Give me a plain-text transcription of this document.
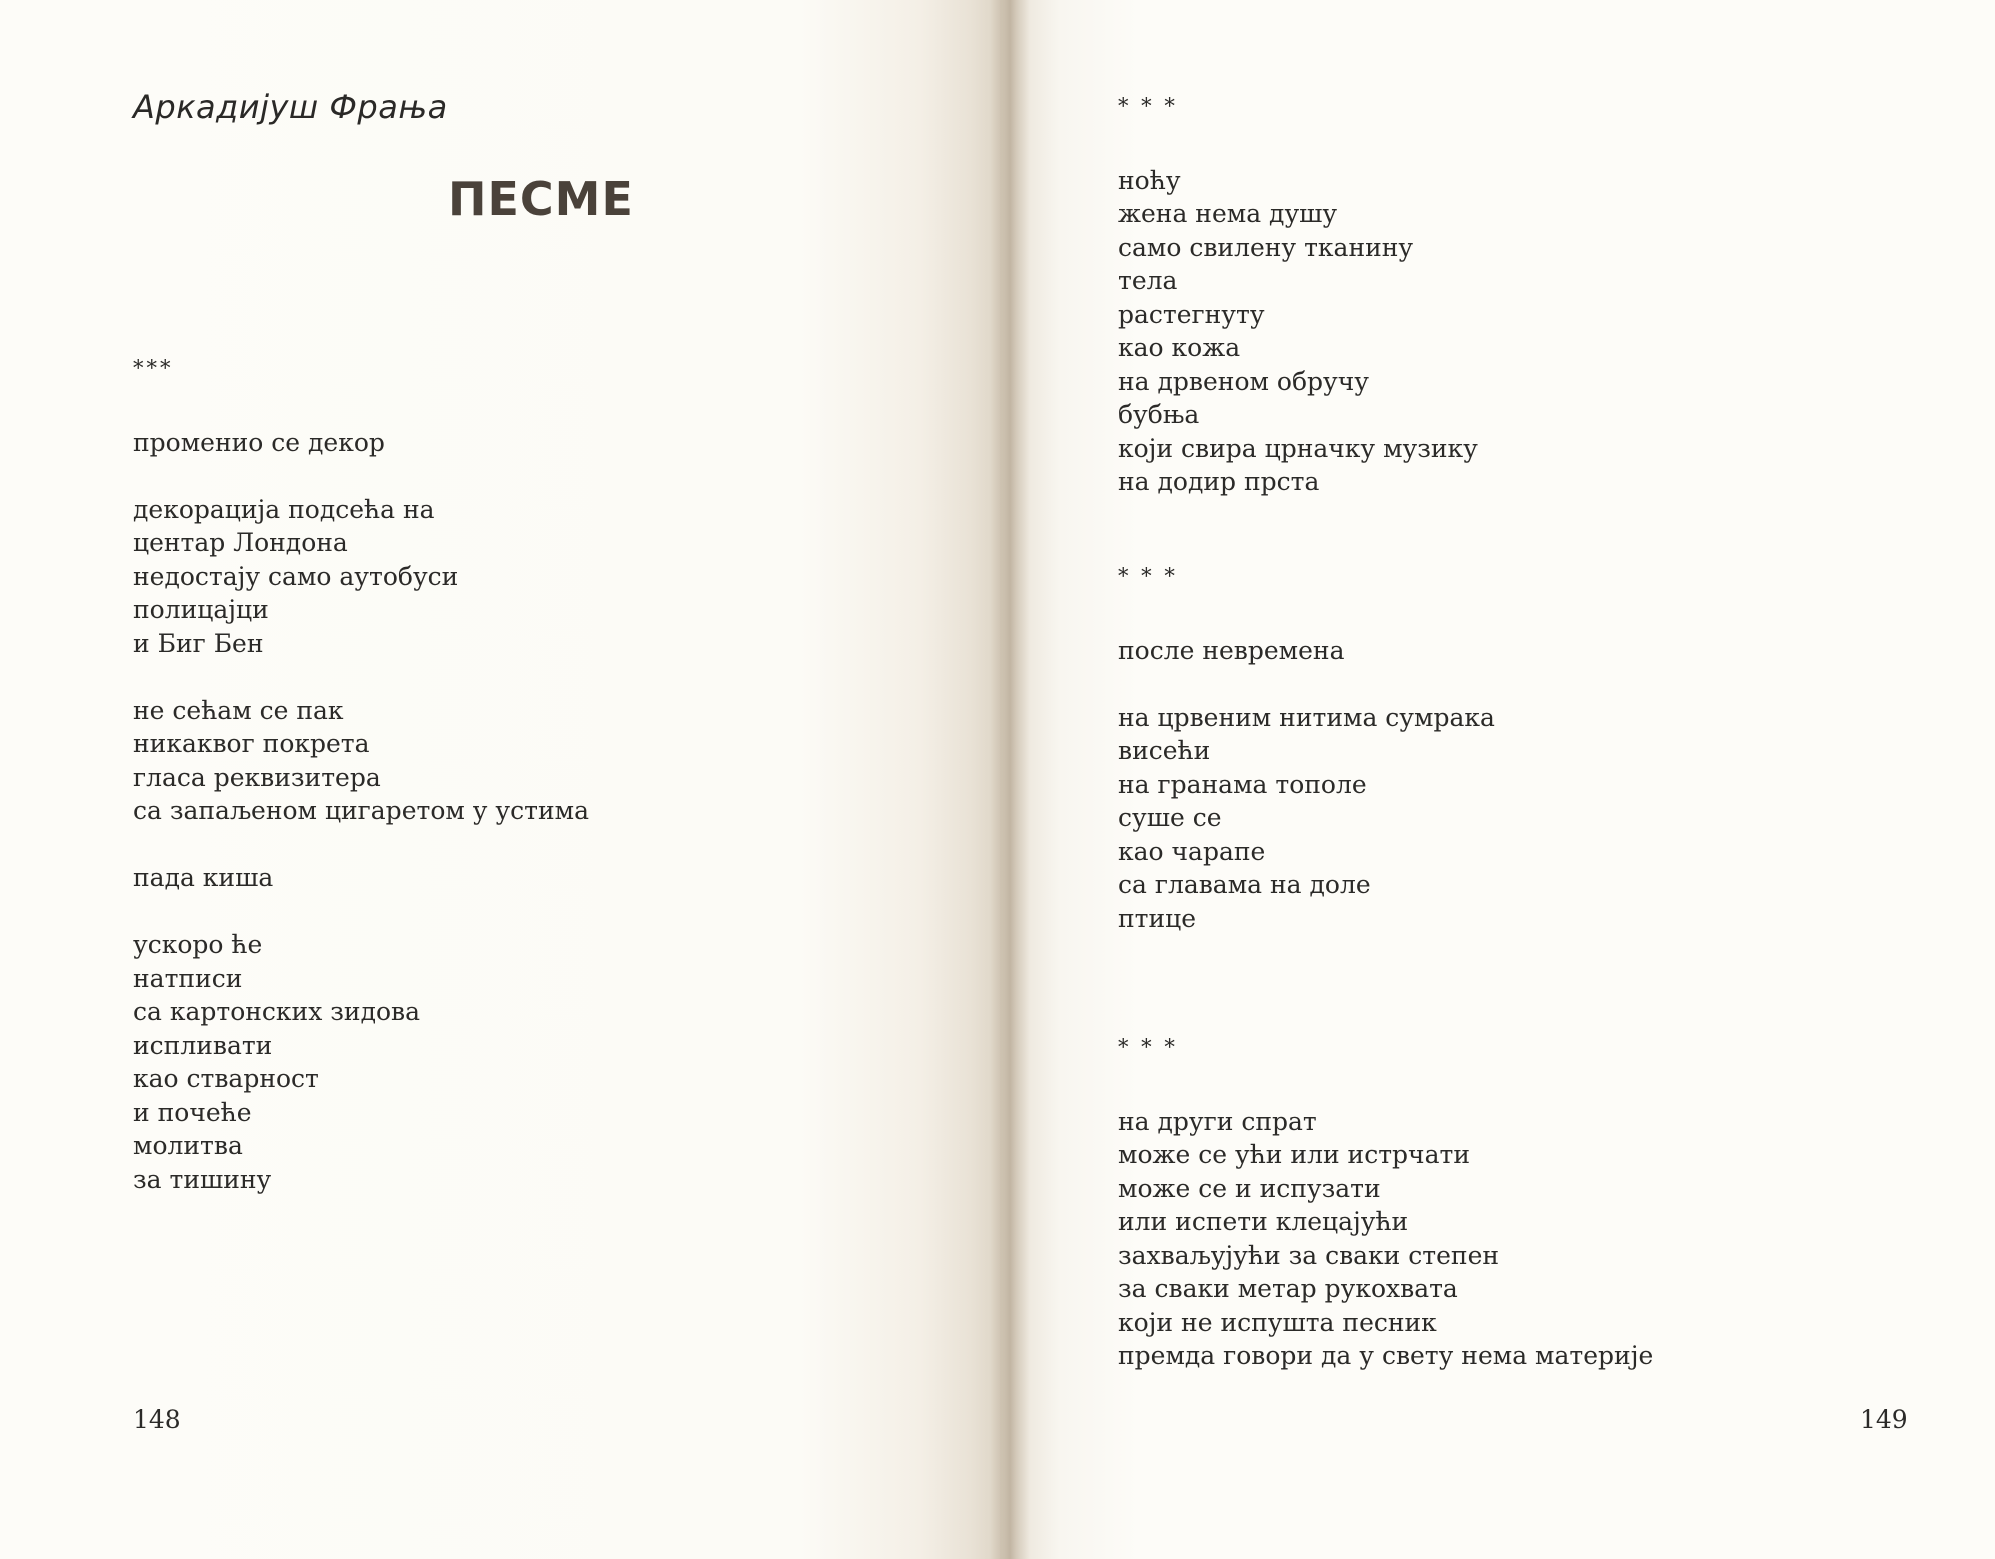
Аркадијуш Фрања
ПЕСМЕ
***
променио се декор
декорација подсећа на
центар Лондона
недостају само аутобуси
полицајци
и Биг Бен
не сећам се пак
никаквог покрета
гласа реквизитера
са запаљеном цигаретом у устима
пада киша
ускоро ће
натписи
са картонских зидова
испливати
као стварност
и почеће
молитва
за тишину
148
* * *
ноћу
жена нема душу
само свилену тканину
тела
растегнуту
као кожа
на дрвеном обручу
бубња
који свира црначку музику
на додир прста
* * *
после невремена
на црвеним нитима сумрака
висећи
на гранама тополе
суше се
као чарапе
са главама на доле
птице
* * *
на други спрат
може се ући или истрчати
може се и испузати
или испети клецајући
захваљујући за сваки степен
за сваки метар рукохвата
који не испушта песник
премда говори да у свету нема материје
149
